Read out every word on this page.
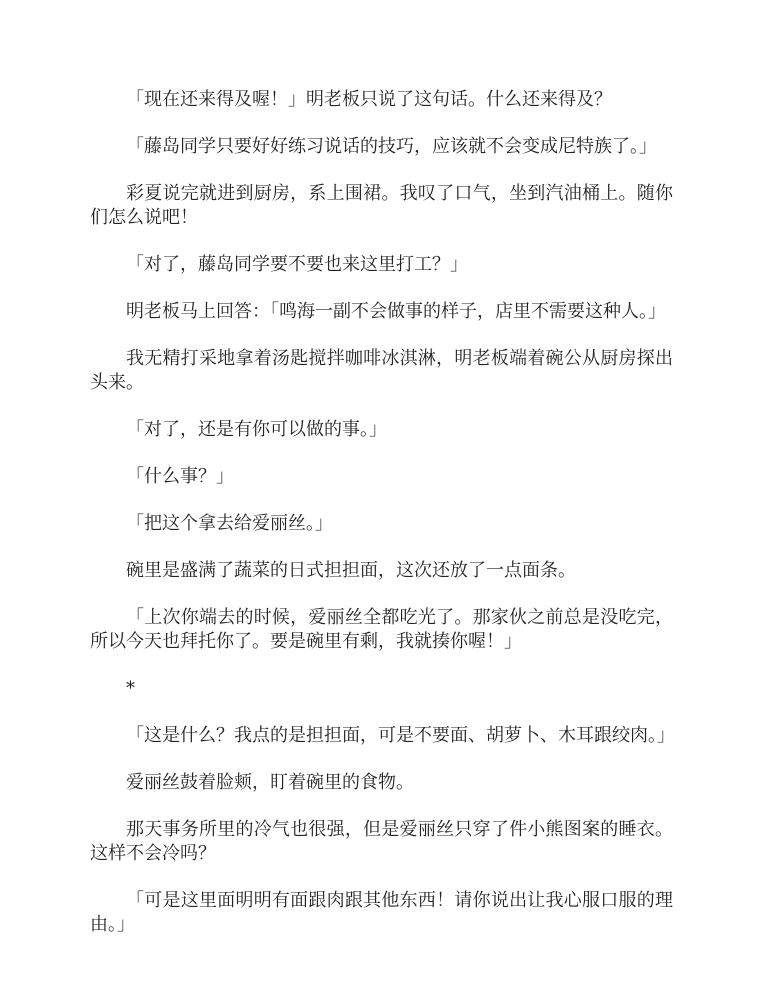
「现在还来得及喔！」明老板只说了这句话。什么还来得及？

「藤岛同学只要好好练习说话的技巧，应该就不会变成尼特族了。」

彩夏说完就进到厨房，系上围裙。我叹了口气，坐到汽油桶上。随你们怎么说吧！

「对了，藤岛同学要不要也来这里打工？」

明老板马上回答：「鸣海一副不会做事的样子，店里不需要这种人。」

我无精打采地拿着汤匙搅拌咖啡冰淇淋，明老板端着碗公从厨房探出头来。

「对了，还是有你可以做的事。」

「什么事？」

「把这个拿去给爱丽丝。」

碗里是盛满了蔬菜的日式担担面，这次还放了一点面条。

「上次你端去的时候，爱丽丝全都吃光了。那家伙之前总是没吃完，所以今天也拜托你了。要是碗里有剩，我就揍你喔！」

*

「这是什么？我点的是担担面，可是不要面、胡萝卜、木耳跟绞肉。」

爱丽丝鼓着脸颊，盯着碗里的食物。

那天事务所里的冷气也很强，但是爱丽丝只穿了件小熊图案的睡衣。这样不会冷吗？

「可是这里面明明有面跟肉跟其他东西！请你说出让我心服口服的理由。」
